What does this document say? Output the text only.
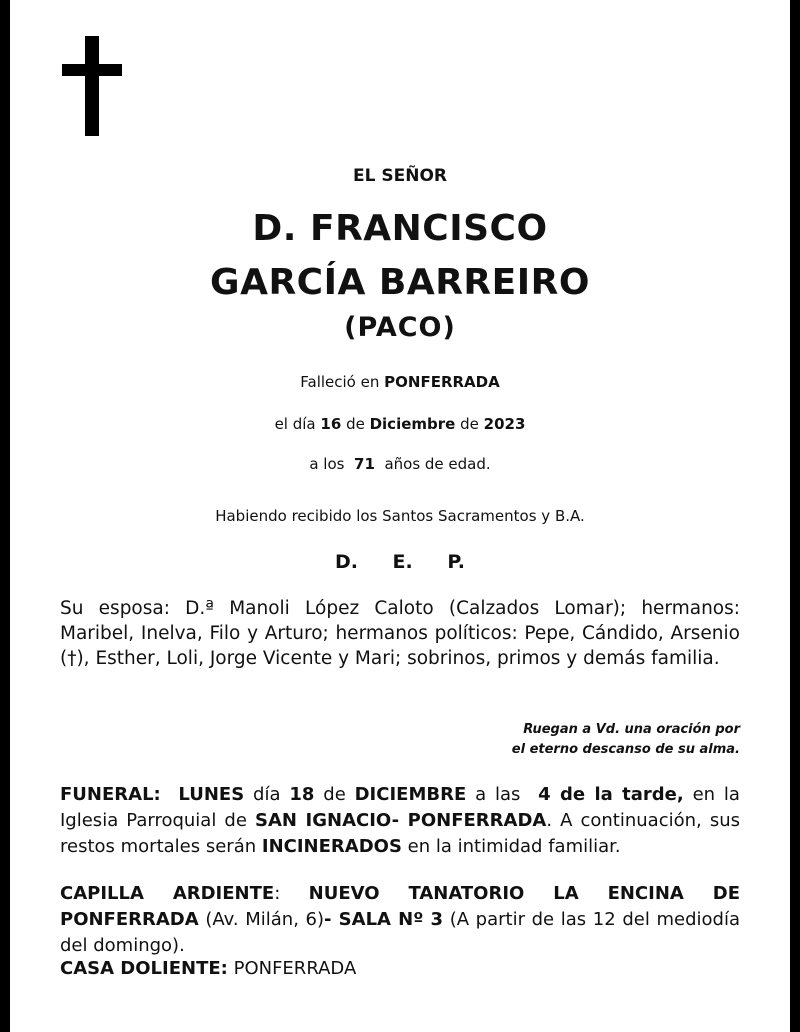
EL SEÑOR
D. FRANCISCO
GARCÍA BARREIRO
(PACO)
Falleció en PONFERRADA
el día 16 de Diciembre de 2023
a los 71 años de edad.
Habiendo recibido los Santos Sacramentos y B.A.
D. E. P.
Su esposa: D.ª Manoli López Caloto (Calzados Lomar); hermanos: Maribel, Inelva, Filo y Arturo; hermanos políticos: Pepe, Cándido, Arsenio (†), Esther, Loli, Jorge Vicente y Mari; sobrinos, primos y demás familia.
Ruegan a Vd. una oración por
el eterno descanso de su alma.
FUNERAL: LUNES día 18 de DICIEMBRE a las 4 de la tarde, en la Iglesia Parroquial de SAN IGNACIO- PONFERRADA. A continuación, sus restos mortales serán INCINERADOS en la intimidad familiar.
CAPILLA ARDIENTE: NUEVO TANATORIO LA ENCINA DE PONFERRADA (Av. Milán, 6)- SALA Nº 3 (A partir de las 12 del mediodía del domingo).
CASA DOLIENTE: PONFERRADA
